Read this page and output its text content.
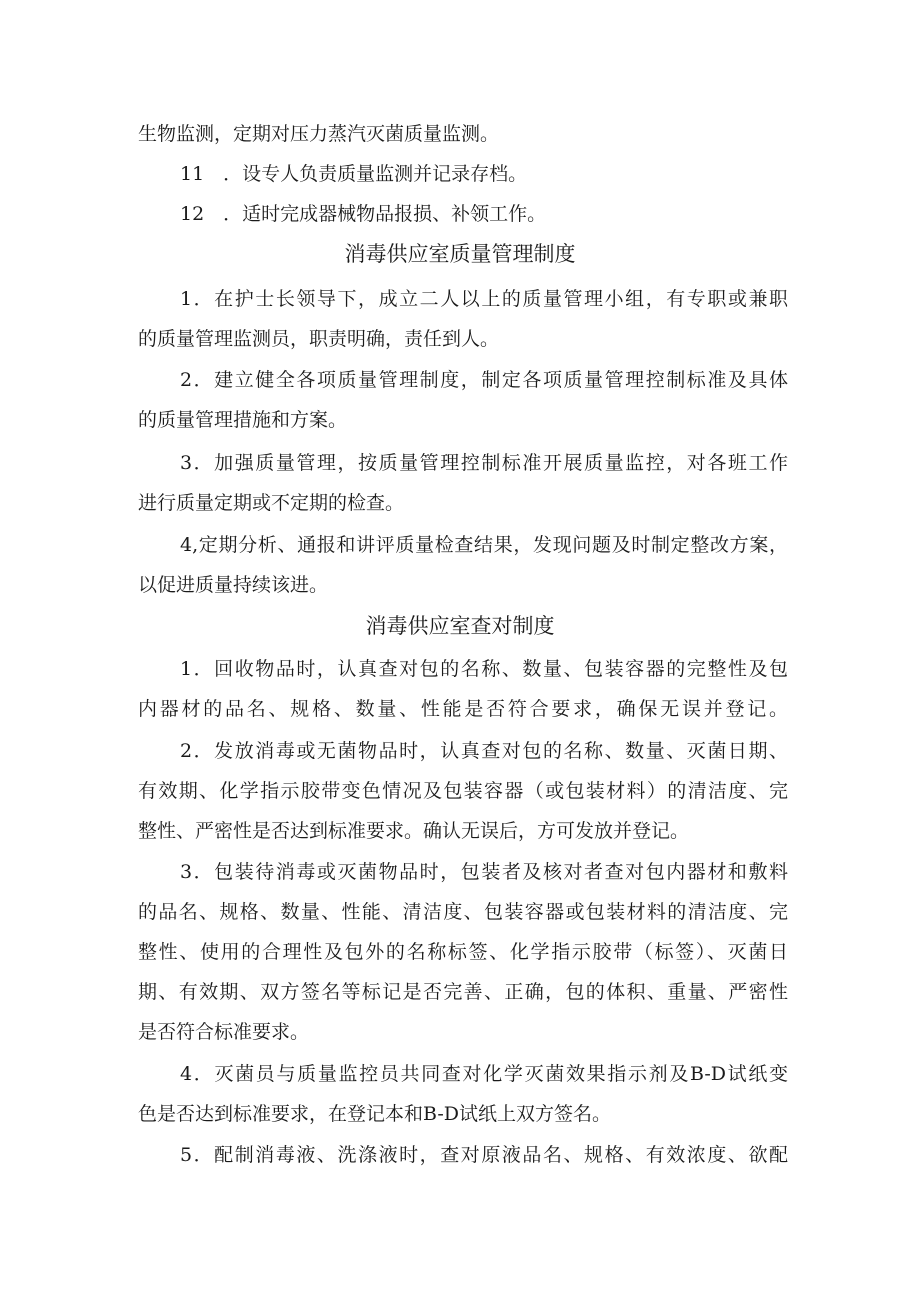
生物监测，定期对压力蒸汽灭菌质量监测。
11　．设专人负责质量监测并记录存档。
12　．适时完成器械物品报损、补领工作。
消毒供应室质量管理制度
1．在护士长领导下，成立二人以上的质量管理小组，有专职或兼职
的质量管理监测员，职责明确，责任到人。
2．建立健全各项质量管理制度，制定各项质量管理控制标准及具体
的质量管理措施和方案。
3．加强质量管理，按质量管理控制标准开展质量监控，对各班工作
进行质量定期或不定期的检查。
4,定期分析、通报和讲评质量检查结果，发现问题及时制定整改方案，
以促进质量持续该进。
消毒供应室查对制度
1．回收物品时，认真查对包的名称、数量、包装容器的完整性及包
内器材的品名、规格、数量、性能是否符合要求，确保无误并登记。
2．发放消毒或无菌物品时，认真查对包的名称、数量、灭菌日期、
有效期、化学指示胶带变色情况及包装容器（或包装材料）的清洁度、完
整性、严密性是否达到标准要求。确认无误后，方可发放并登记。
3．包装待消毒或灭菌物品时，包装者及核对者查对包内器材和敷料
的品名、规格、数量、性能、清洁度、包装容器或包装材料的清洁度、完
整性、使用的合理性及包外的名称标签、化学指示胶带（标签）、灭菌日
期、有效期、双方签名等标记是否完善、正确，包的体积、重量、严密性
是否符合标准要求。
4．灭菌员与质量监控员共同查对化学灭菌效果指示剂及B-D试纸变
色是否达到标准要求，在登记本和B-D试纸上双方签名。
5．配制消毒液、洗涤液时，查对原液品名、规格、有效浓度、欲配
